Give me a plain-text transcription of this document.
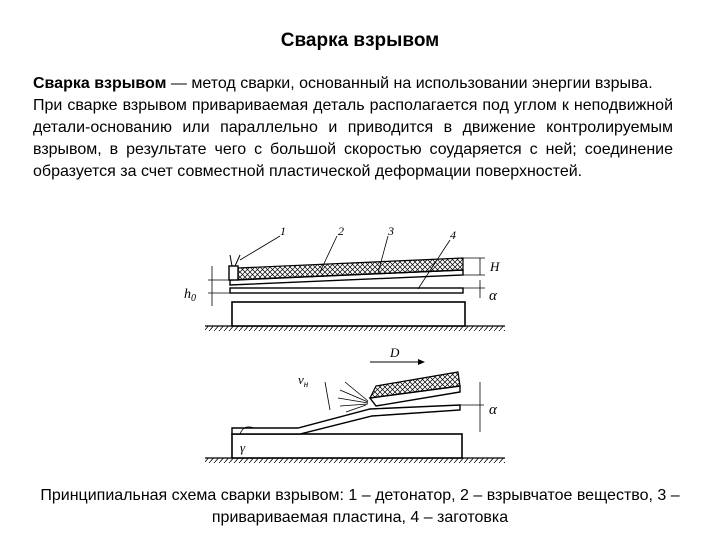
Сварка взрывом

Сварка взрывом — метод сварки, основанный на использовании энергии взрыва.

При сварке взрывом привариваемая деталь располагается под углом к неподвижной детали-основанию или параллельно и приводится в движение контролируемым взрывом, в результате чего с большой скоростью соударяется с ней; соединение образуется за счет совместной пластической деформации поверхностей.

1	2	3	4
H
α
$h_0$
D
$v_н$
α
γ
Принципиальная схема сварки взрывом: 1 – детонатор, 2 – взрывчатое вещество, 3 – привариваемая пластина, 4 – заготовка
